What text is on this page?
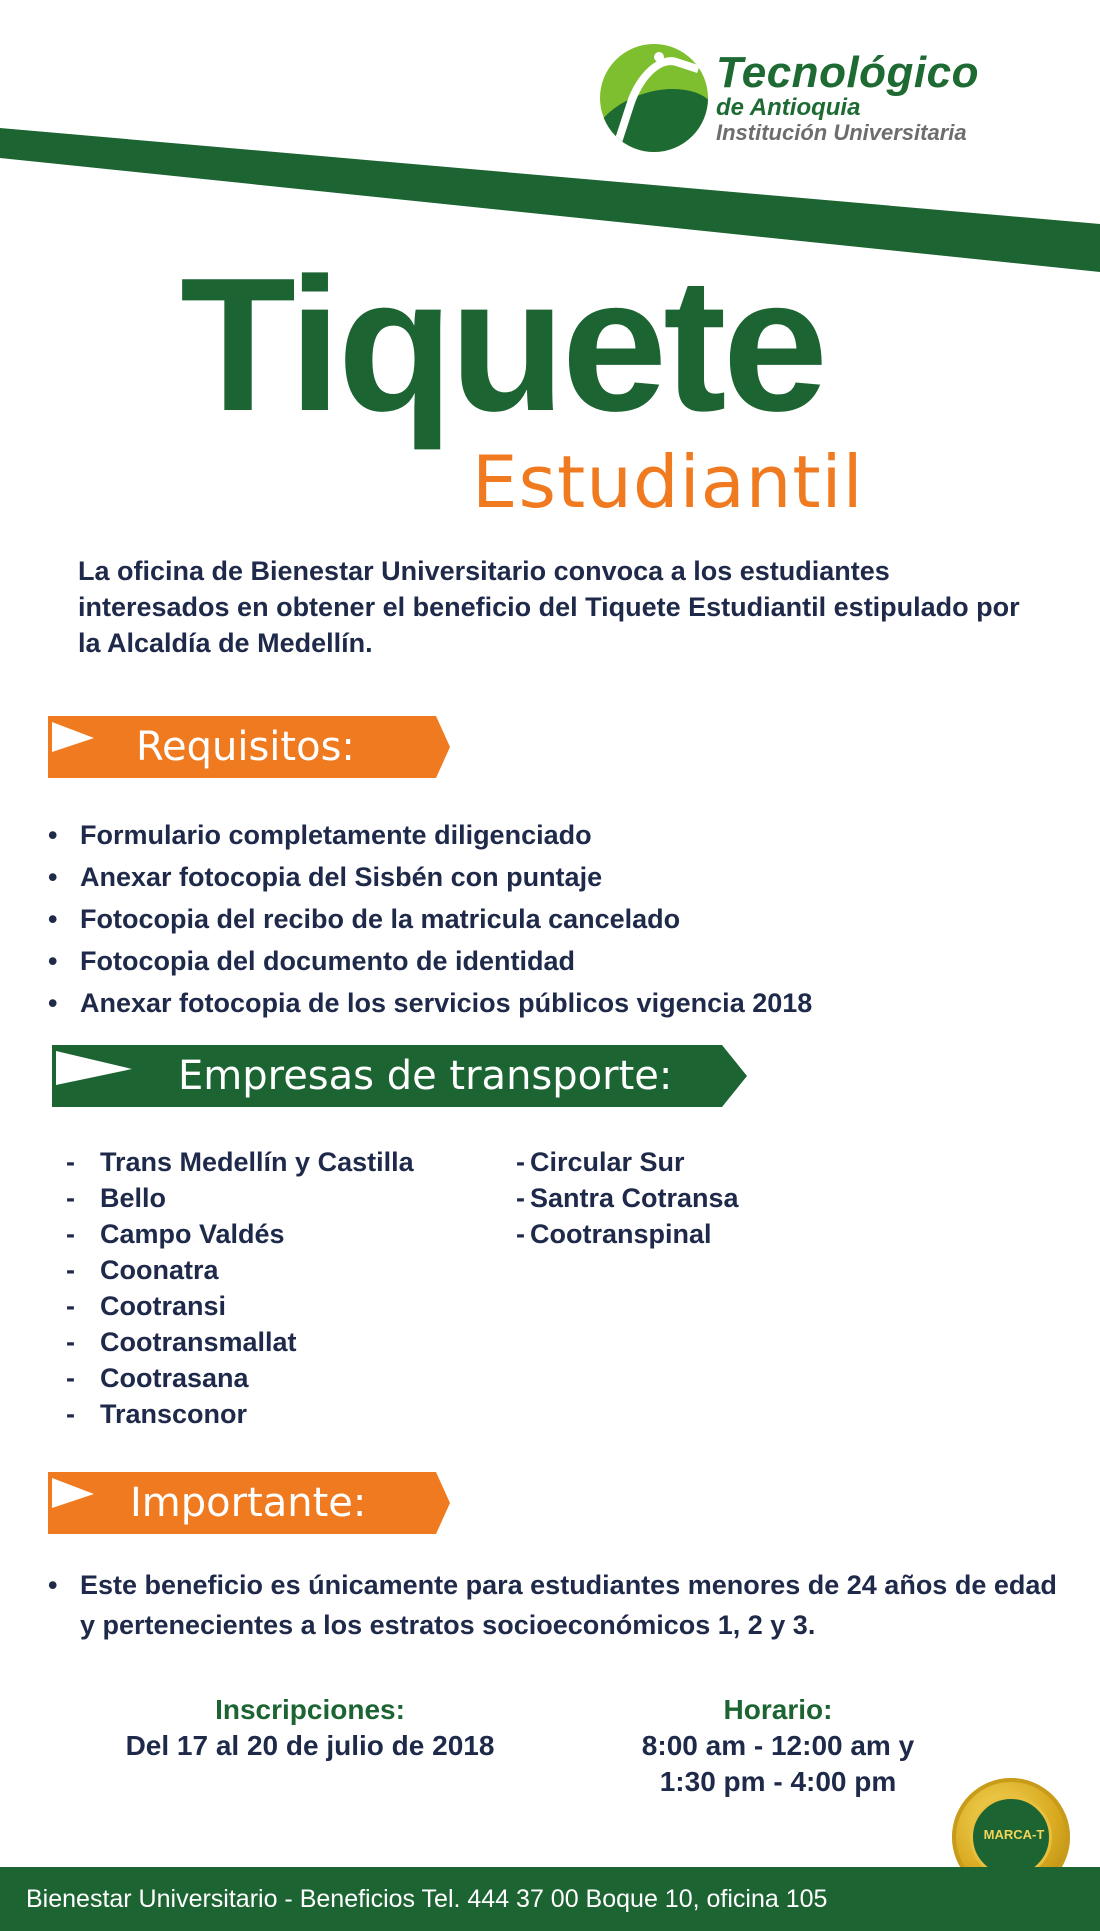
Tecnológico
de Antioquia
Institución Universitaria
Tiquete
Estudiantil
La oficina de Bienestar Universitario convoca a los estudiantes interesados en obtener el beneficio del Tiquete Estudiantil estipulado por la Alcaldía de Medellín.
Requisitos:
• Formulario completamente diligenciado
• Anexar fotocopia del Sisbén con puntaje
• Fotocopia del recibo de la matricula cancelado
• Fotocopia del documento de identidad
• Anexar fotocopia de los servicios públicos vigencia 2018
Empresas de transporte:
- Trans Medellín y Castilla
- Bello
- Campo Valdés
- Coonatra
- Cootransi
- Cootransmallat
- Cootrasana
- Transconor
- Circular Sur
- Santra Cotransa
- Cootranspinal
Importante:
• Este beneficio es únicamente para estudiantes menores de 24 años de edad y pertenecientes a los estratos socioeconómicos 1, 2 y 3.
Inscripciones:
Del 17 al 20 de julio de 2018
Horario:
8:00 am - 12:00 am y
1:30 pm - 4:00 pm
MARCA-T
Bienestar Universitario - Beneficios Tel. 444 37 00 Boque 10, oficina 105
